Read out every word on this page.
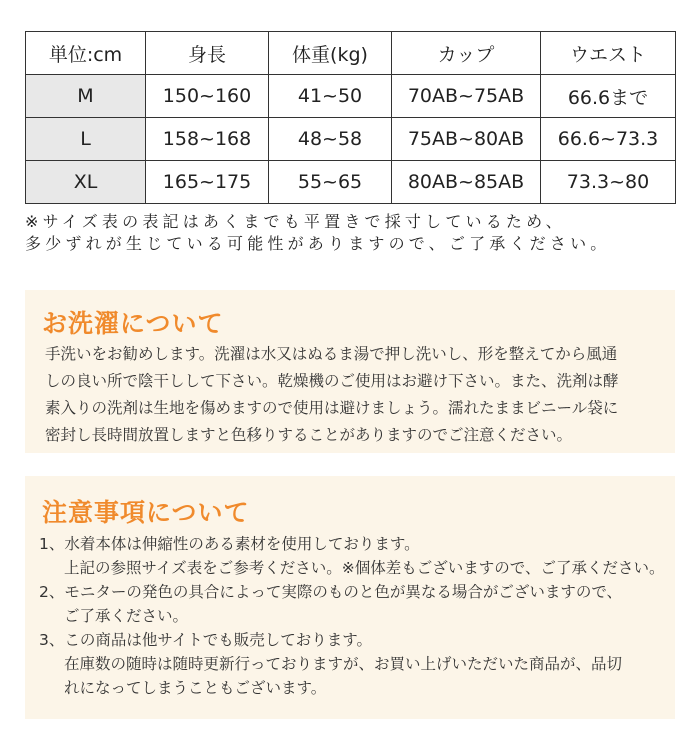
単位:cm	身長	体重(kg)	カップ	ウエスト
M	150~160	41~50	70AB~75AB	66.6まで
L	158~168	48~58	75AB~80AB	66.6~73.3
XL	165~175	55~65	80AB~85AB	73.3~80
※サイズ表の表記はあくまでも平置きで採寸しているため、
多少ずれが生じている可能性がありますので、ご了承ください。
お洗濯について
手洗いをお勧めします。洗濯は水又はぬるま湯で押し洗いし、形を整えてから風通
しの良い所で陰干しして下さい。乾燥機のご使用はお避け下さい。また、洗剤は酵
素入りの洗剤は生地を傷めますので使用は避けましょう。濡れたままビニール袋に
密封し長時間放置しますと色移りすることがありますのでご注意ください。
注意事項について
1、水着本体は伸縮性のある素材を使用しております。
上記の参照サイズ表をご参考ください。※個体差もございますので、ご了承ください。
2、モニターの発色の具合によって実際のものと色が異なる場合がございますので、
ご了承ください。
3、この商品は他サイトでも販売しております。
在庫数の随時は随時更新行っておりますが、お買い上げいただいた商品が、品切
れになってしまうこともございます。
